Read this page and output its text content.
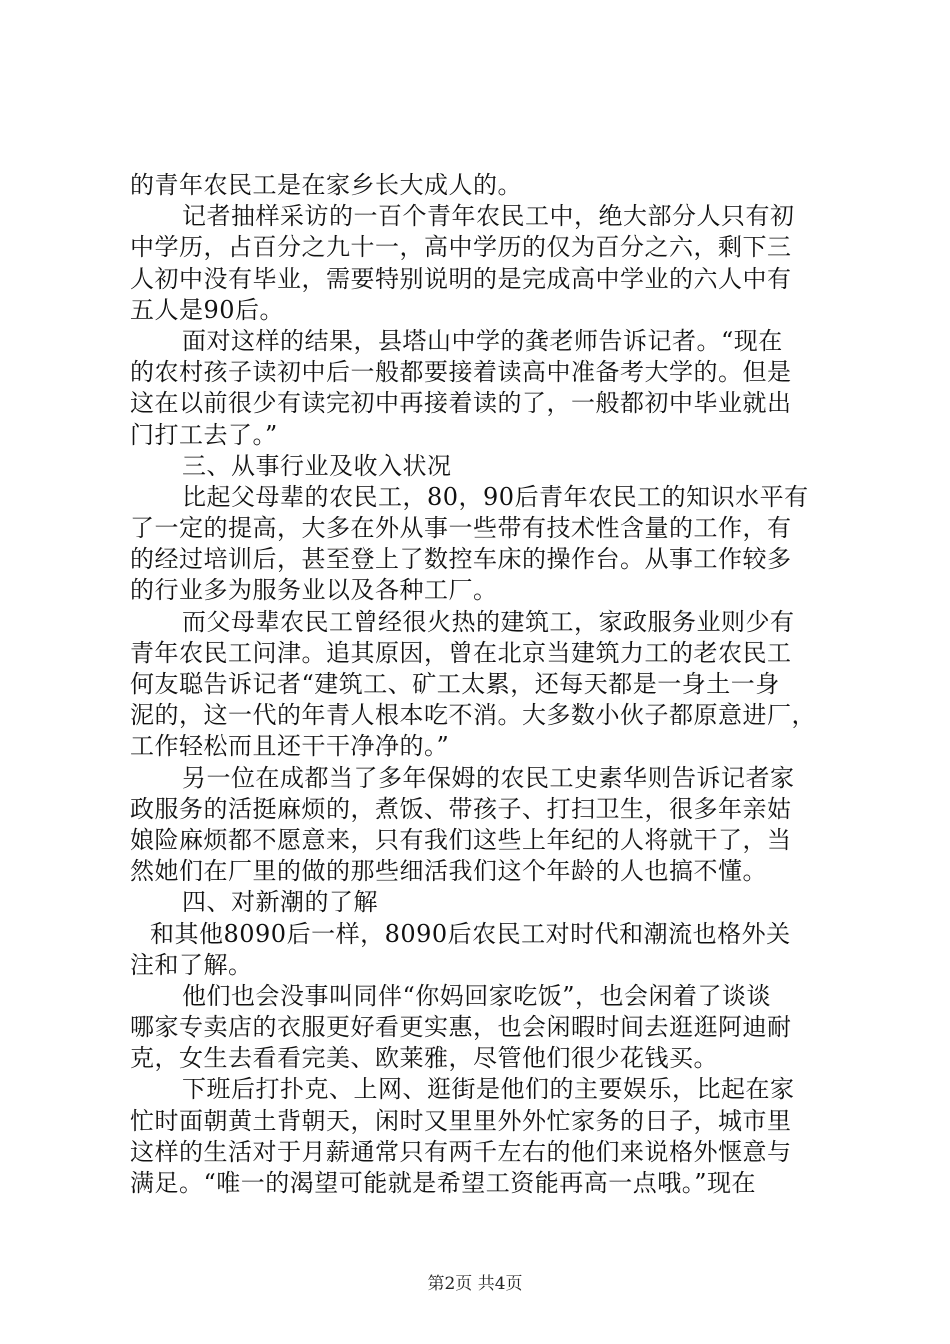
的青年农民工是在家乡长大成人的。
记者抽样采访的一百个青年农民工中，绝大部分人只有初
中学历，占百分之九十一，高中学历的仅为百分之六，剩下三
人初中没有毕业，需要特别说明的是完成高中学业的六人中有
五人是90后。
面对这样的结果，县塔山中学的龚老师告诉记者。“现在
的农村孩子读初中后一般都要接着读高中准备考大学的。但是
这在以前很少有读完初中再接着读的了，一般都初中毕业就出
门打工去了。”
三、从事行业及收入状况
比起父母辈的农民工，80，90后青年农民工的知识水平有
了一定的提高，大多在外从事一些带有技术性含量的工作，有
的经过培训后，甚至登上了数控车床的操作台。从事工作较多
的行业多为服务业以及各种工厂。
而父母辈农民工曾经很火热的建筑工，家政服务业则少有
青年农民工问津。追其原因，曾在北京当建筑力工的老农民工
何友聪告诉记者“建筑工、矿工太累，还每天都是一身土一身
泥的，这一代的年青人根本吃不消。大多数小伙子都原意进厂，
工作轻松而且还干干净净的。”
另一位在成都当了多年保姆的农民工史素华则告诉记者家
政服务的活挺麻烦的，煮饭、带孩子、打扫卫生，很多年亲姑
娘险麻烦都不愿意来，只有我们这些上年纪的人将就干了，当
然她们在厂里的做的那些细活我们这个年龄的人也搞不懂。
四、对新潮的了解
和其他8090后一样，8090后农民工对时代和潮流也格外关
注和了解。
他们也会没事叫同伴“你妈回家吃饭”，也会闲着了谈谈
哪家专卖店的衣服更好看更实惠，也会闲暇时间去逛逛阿迪耐
克，女生去看看完美、欧莱雅，尽管他们很少花钱买。
下班后打扑克、上网、逛街是他们的主要娱乐，比起在家
忙时面朝黄土背朝天，闲时又里里外外忙家务的日子，城市里
这样的生活对于月薪通常只有两千左右的他们来说格外惬意与
满足。“唯一的渴望可能就是希望工资能再高一点哦。”现在
第2页 共4页
